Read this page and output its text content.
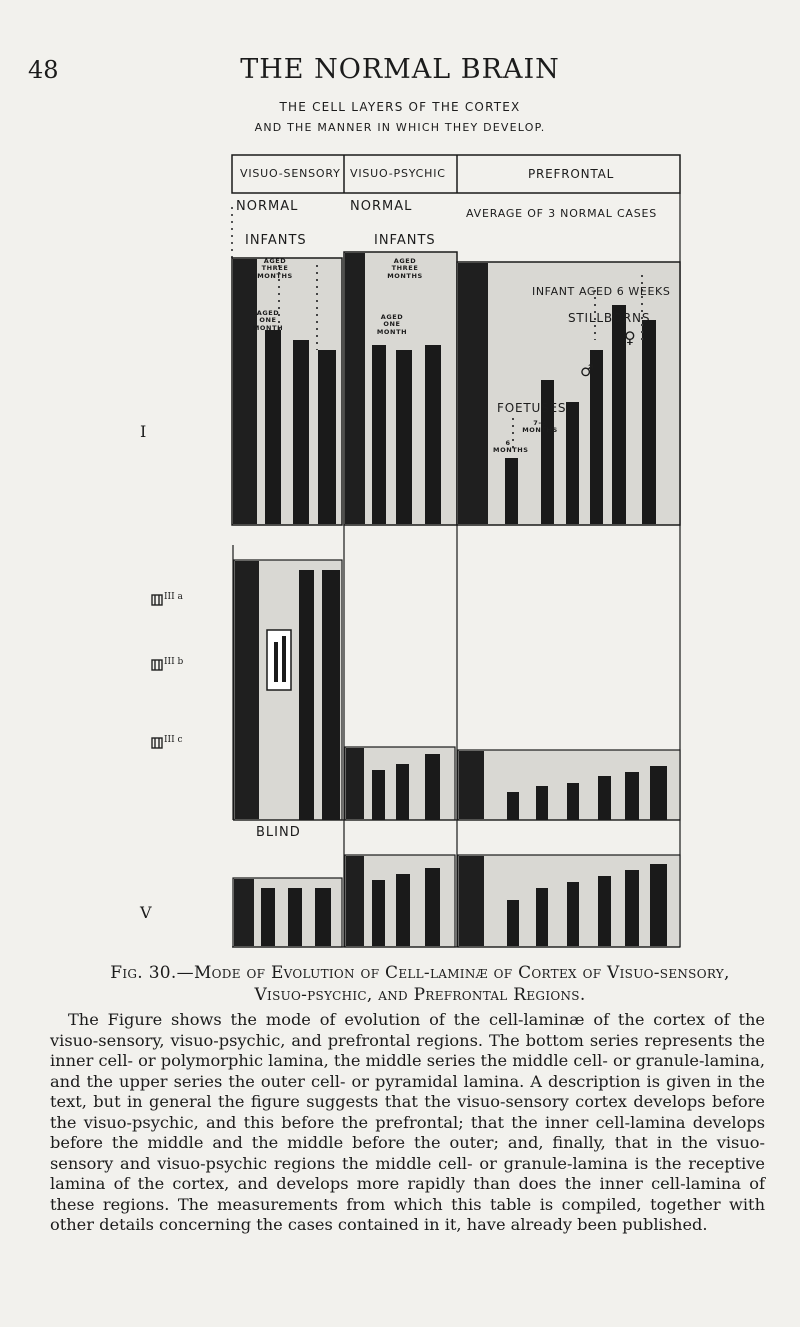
48	THE NORMAL BRAIN
THE CELL LAYERS OF THE CORTEX
AND THE MANNER IN WHICH THEY DEVELOP.
VISUO-SENSORY VISUO-PSYCHIC	PREFRONTAL
NORMAL
INFANTS
AGED THREE MONTHS
AGED ONE MONTH
NORMAL
INFANTS
AGED THREE MONTHS
AGED ONE MONTH
AVERAGE OF 3 NORMAL CASES
INFANT AGED 6 WEEKS
STILLBORNS
♀
♂
FOETUSES
7-8 MONTHS
6 MONTHS
BLIND
I
III a
III b
III c
V
Fig. 30.—Mode of Evolution of Cell-laminæ of Cortex of Visuo-sensory, Visuo-psychic, and Prefrontal Regions.
The Figure shows the mode of evolution of the cell-laminæ of the cortex of the visuo-sensory, visuo-psychic, and prefrontal regions. The bottom series represents the inner cell- or polymorphic lamina, the middle series the middle cell- or granule-lamina, and the upper series the outer cell- or pyramidal lamina. A description is given in the text, but in general the figure suggests that the visuo-sensory cortex develops before the visuo-psychic, and this before the prefrontal; that the inner cell-lamina develops before the middle and the middle before the outer; and, finally, that in the visuo-sensory and visuo-psychic regions the middle cell- or granule-lamina is the receptive lamina of the cortex, and develops more rapidly than does the inner cell-lamina of these regions. The measurements from which this table is compiled, together with other details concerning the cases contained in it, have already been published.
